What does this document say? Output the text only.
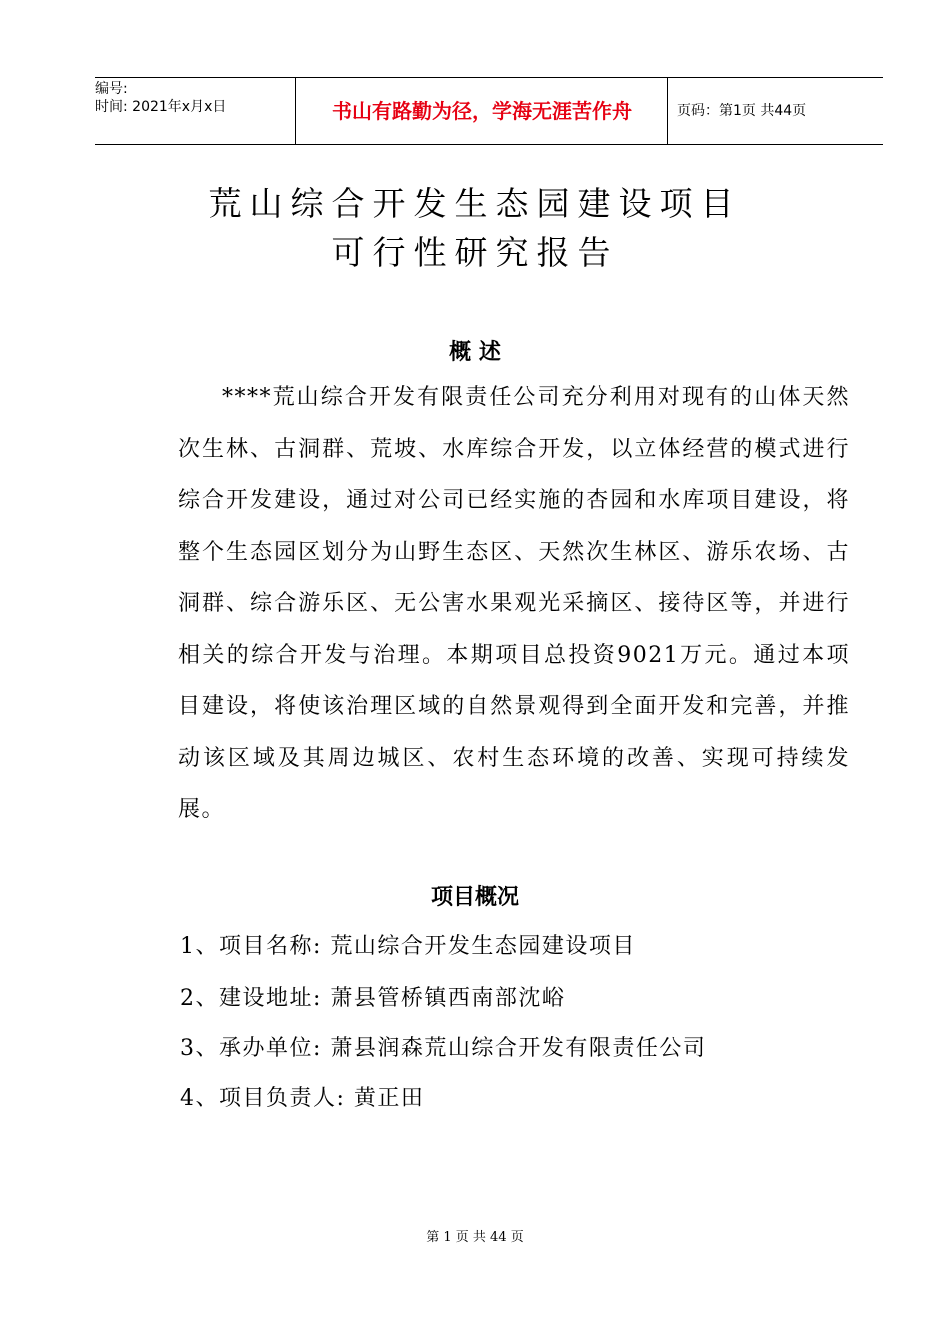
编号:
时间: 2021年x月x日	书山有路勤为径，学海无涯苦作舟	页码：第1页 共44页
荒山综合开发生态园建设项目
可行性研究报告
概 述
****荒山综合开发有限责任公司充分利用对现有的山体天然次生林、古洞群、荒坡、水库综合开发，以立体经营的模式进行综合开发建设，通过对公司已经实施的杏园和水库项目建设，将整个生态园区划分为山野生态区、天然次生林区、游乐农场、古洞群、综合游乐区、无公害水果观光采摘区、接待区等，并进行相关的综合开发与治理。本期项目总投资9021万元。通过本项目建设，将使该治理区域的自然景观得到全面开发和完善，并推动该区域及其周边城区、农村生态环境的改善、实现可持续发展。
项目概况
1、项目名称: 荒山综合开发生态园建设项目
2、建设地址: 萧县管桥镇西南部沈峪
3、承办单位: 萧县润森荒山综合开发有限责任公司
4、项目负责人: 黄正田
第 1 页 共 44 页
